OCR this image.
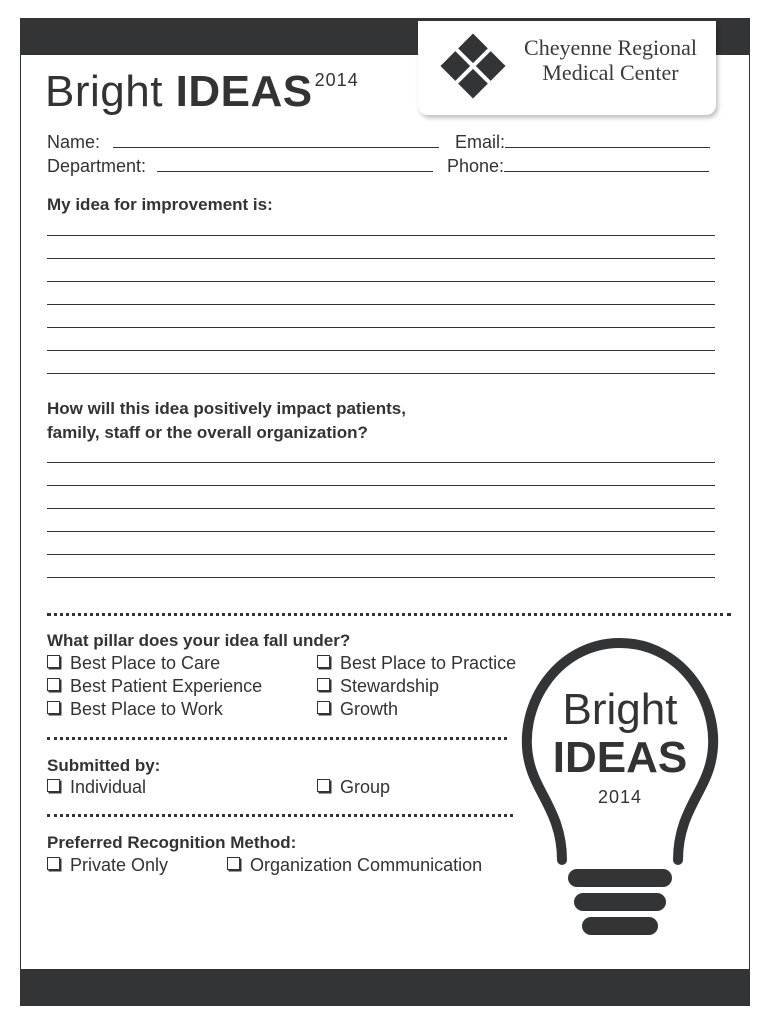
Cheyenne Regional
Medical Center
Bright IDEAS $^{2014}$
Name:	Email:
Department:	Phone:
My idea for improvement is:
How will this idea positively impact patients,
family, staff or the overall organization?
What pillar does your idea fall under?
Best Place to Care	Best Place to Practice
Best Patient Experience	Stewardship
Best Place to Work	Growth
Submitted by:
Individual	Group
Preferred Recognition Method:
Private Only	Organization Communication
Bright
IDEAS
2014
